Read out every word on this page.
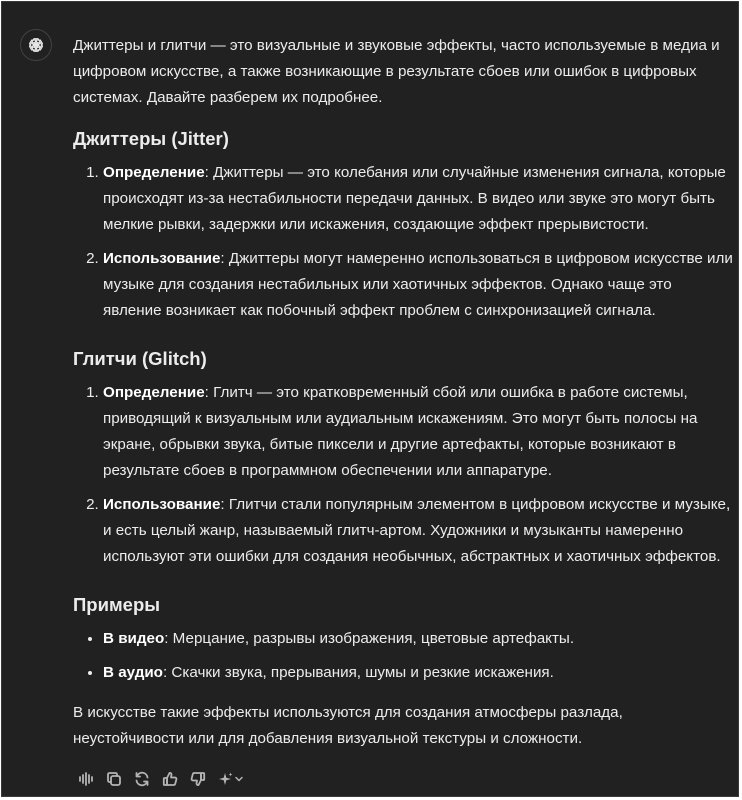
Джиттеры и глитчи — это визуальные и звуковые эффекты, часто используемые в медиа и цифровом искусстве, а также возникающие в результате сбоев или ошибок в цифровых системах. Давайте разберем их подробнее.

Джиттеры (Jitter)
1. Определение: Джиттеры — это колебания или случайные изменения сигнала, которые происходят из-за нестабильности передачи данных. В видео или звуке это могут быть мелкие рывки, задержки или искажения, создающие эффект прерывистости.
2. Использование: Джиттеры могут намеренно использоваться в цифровом искусстве или музыке для создания нестабильных или хаотичных эффектов. Однако чаще это явление возникает как побочный эффект проблем с синхронизацией сигнала.
Глитчи (Glitch)
1. Определение: Глитч — это кратковременный сбой или ошибка в работе системы, приводящий к визуальным или аудиальным искажениям. Это могут быть полосы на экране, обрывки звука, битые пиксели и другие артефакты, которые возникают в результате сбоев в программном обеспечении или аппаратуре.
2. Использование: Глитчи стали популярным элементом в цифровом искусстве и музыке, и есть целый жанр, называемый глитч-артом. Художники и музыканты намеренно используют эти ошибки для создания необычных, абстрактных и хаотичных эффектов.
Примеры
• В видео: Мерцание, разрывы изображения, цветовые артефакты.
• В аудио: Скачки звука, прерывания, шумы и резкие искажения.

В искусстве такие эффекты используются для создания атмосферы разлада, неустойчивости или для добавления визуальной текстуры и сложности.
